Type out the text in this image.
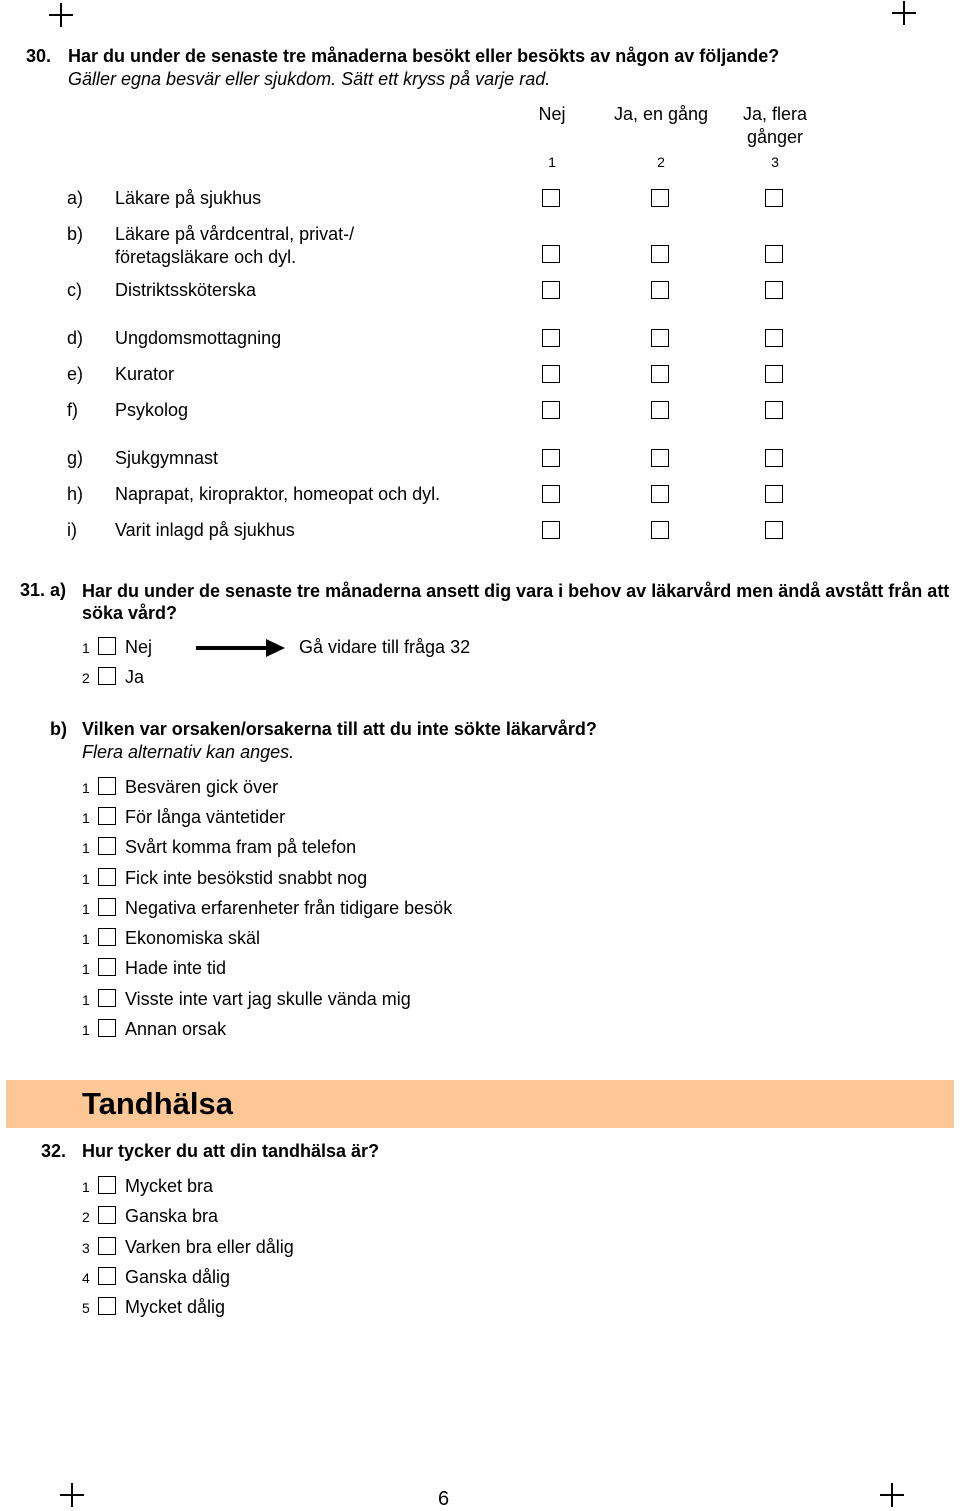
30. Har du under de senaste tre månaderna besökt eller besökts av någon av följande?
Gäller egna besvär eller sjukdom. Sätt ett kryss på varje rad.
Nej	Ja, en gång	Ja, flera gånger
1	2	3
a) Läkare på sjukhus
b) Läkare på vårdcentral, privat-/ företagsläkare och dyl.
c) Distriktssköterska
d) Ungdomsmottagning
e) Kurator
f) Psykolog
g) Sjukgymnast
h) Naprapat, kiropraktor, homeopat och dyl.
i) Varit inlagd på sjukhus
31. a) Har du under de senaste tre månaderna ansett dig vara i behov av läkarvård men ändå avstått från att söka vård?
1 Nej	Gå vidare till fråga 32
2 Ja
b) Vilken var orsaken/orsakerna till att du inte sökte läkarvård?
Flera alternativ kan anges.
1 Besvären gick över
1 För långa väntetider
1 Svårt komma fram på telefon
1 Fick inte besökstid snabbt nog
1 Negativa erfarenheter från tidigare besök
1 Ekonomiska skäl
1 Hade inte tid
1 Visste inte vart jag skulle vända mig
1 Annan orsak
Tandhälsa
32. Hur tycker du att din tandhälsa är?
1 Mycket bra
2 Ganska bra
3 Varken bra eller dålig
4 Ganska dålig
5 Mycket dålig
6
